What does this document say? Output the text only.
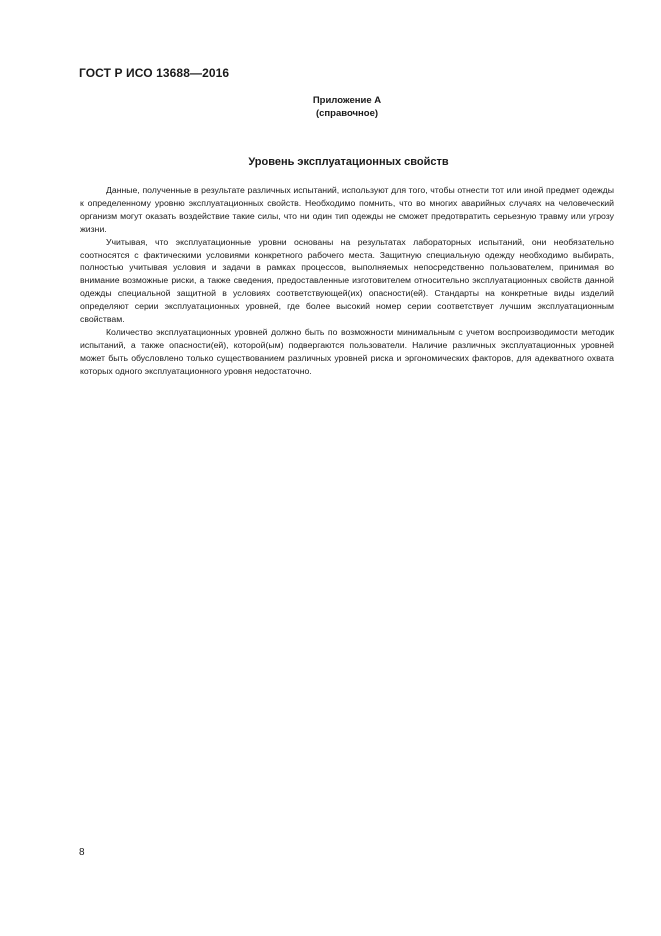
ГОСТ Р ИСО 13688—2016
Приложение А
(справочное)
Уровень эксплуатационных свойств

Данные, полученные в результате различных испытаний, используют для того, чтобы отнести тот или иной предмет одежды к определенному уровню эксплуатационных свойств. Необходимо помнить, что во многих аварийных случаях на человеческий организм могут оказать воздействие такие силы, что ни один тип одежды не сможет предотвратить серьезную травму или угрозу жизни.

Учитывая, что эксплуатационные уровни основаны на результатах лабораторных испытаний, они необязательно соотносятся с фактическими условиями конкретного рабочего места. Защитную специальную одежду необходимо выбирать, полностью учитывая условия и задачи в рамках процессов, выполняемых непосредственно пользователем, принимая во внимание возможные риски, а также сведения, предоставленные изготовителем относительно эксплуатационных свойств данной одежды специальной защитной в условиях соответствующей(их) опасности(ей). Стандарты на конкретные виды изделий определяют серии эксплуатационных уровней, где более высокий номер серии соответствует лучшим эксплуатационным свойствам.

Количество эксплуатационных уровней должно быть по возможности минимальным с учетом воспроизводимости методик испытаний, а также опасности(ей), которой(ым) подвергаются пользователи. Наличие различных эксплуатационных уровней может быть обусловлено только существованием различных уровней риска и эргономических факторов, для адекватного охвата которых одного эксплуатационного уровня недостаточно.

8
